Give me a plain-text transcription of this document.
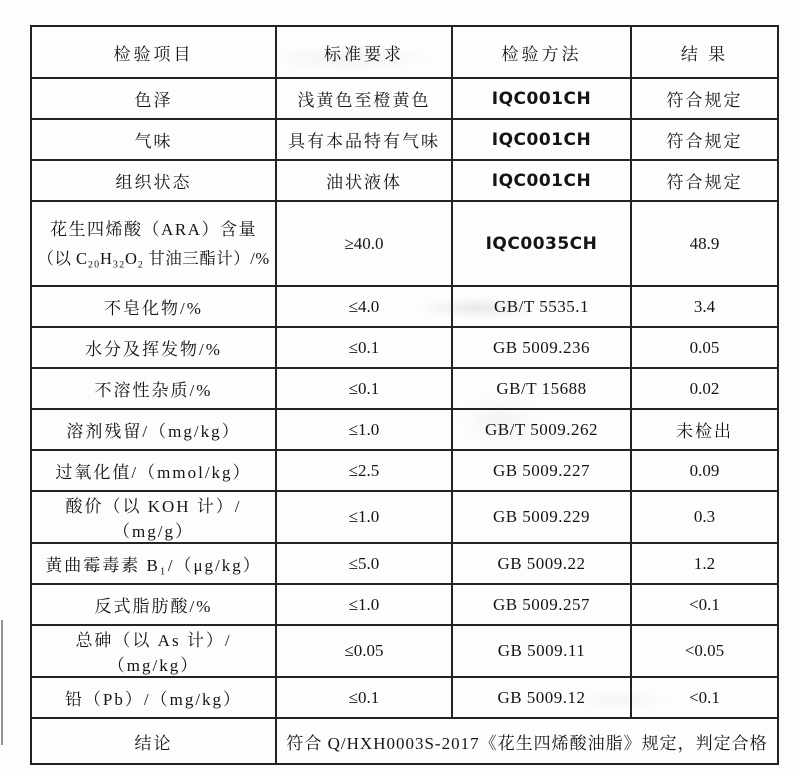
检验项目	标准要求	检验方法	结 果
色泽	浅黄色至橙黄色	IQC001CH	符合规定
气味	具有本品特有气味	IQC001CH	符合规定
组织状态	油状液体	IQC001CH	符合规定

花生四烯酸（ARA）含量
（以 C₂₀H₃₂O₂ 甘油三酯计）/%	≥40.0	IQC0035CH	48.9
不皂化物/%	≤4.0	GB/T 5535.1	3.4
水分及挥发物/%	≤0.1	GB 5009.236	0.05
不溶性杂质/%	≤0.1	GB/T 15688	0.02
溶剂残留/（mg/kg）	≤1.0	GB/T 5009.262	未检出
过氧化值/（mmol/kg）	≤2.5	GB 5009.227	0.09
酸价（以 KOH 计）/（mg/g）	≤1.0	GB 5009.229	0.3
黄曲霉毒素 B₁/（μg/kg）	≤5.0	GB 5009.22	1.2
反式脂肪酸/%	≤1.0	GB 5009.257	<0.1
总砷（以 As 计）/（mg/kg）	≤0.05	GB 5009.11	<0.05
铅（Pb）/（mg/kg）	≤0.1	GB 5009.12	<0.1
结论	符合 Q/HXH0003S-2017《花生四烯酸油脂》规定，判定合格		
